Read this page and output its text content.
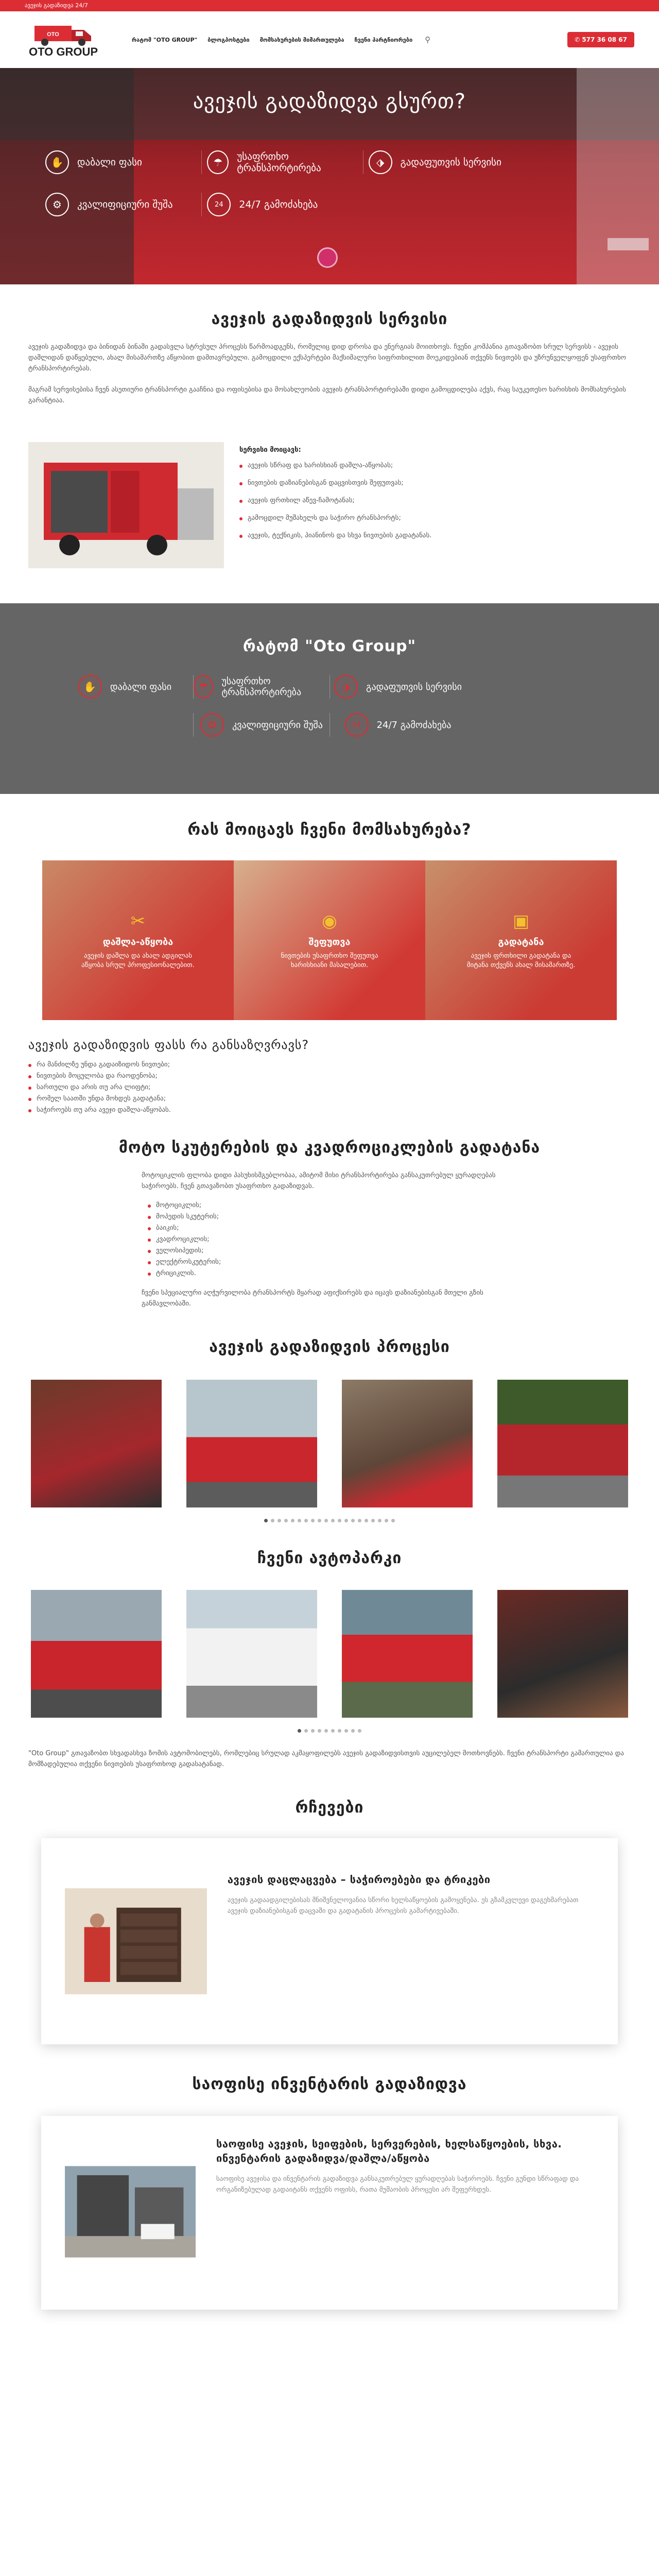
ავეჯის გადაზიდვა 24/7
OTO
OTO GROUP
რატომ "OTO GROUP" ბლოგპოსტები მომსახურების მიმართულება ჩვენი პარტნიორები ⚲	✆ 577 36 08 67
ავეჯის გადაზიდვა გსურთ?
✋	დაბალი ფასი	☂	უსაფრთხო ტრანსპორტირება	⬗	გადაფუთვის სერვისი
⚙	კვალიფიციური შუშა	24	24/7 გამოძახება
ავეჯის გადაზიდვის სერვისი

ავეჯის გადაზიდვა და ბინიდან ბინაში გადასვლა სტრესულ პროცესს წარმოადგენს, რომელიც დიდ დროსა და ენერგიას მოითხოვს. ჩვენი კომპანია გთავაზობთ სრულ სერვისს - ავეჯის დაშლიდან დაწყებული, ახალ მისამართზე აწყობით დამთავრებული. გამოცდილი ექსპერტები მაქსიმალური სიფრთხილით მოეკიდებიან თქვენს ნივთებს და უზრუნველყოფენ უსაფრთხო ტრანსპორტირებას.

მაგრამ სერვისებისა ჩვენ ასეთიური ტრანსპორტი გააჩნია და ოფისებისა და მოსახლეობის ავეჯის ტრანსპორტირებაში დიდი გამოცდილება აქვს, რაც საუკეთესო ხარისხის მომსახურების გარანტიაა.

სერვისი მოიცავს:
ავეჯის სწრაფ და ხარისხიან დაშლა-აწყობას;
ნივთების დაზიანებისგან დაცვისთვის შეფუთვას;
ავეჯის ფრთხილ აწევ-ჩამოტანას;
გამოცდილ მუშახელს და საჭირო ტრანსპორტს;
ავეჯის, ტექნიკის, პიანინოს და სხვა ნივთების გადატანას.
რატომ "Oto Group"
✋	დაბალი ფასი	☂	უსაფრთხო ტრანსპორტირება	⬗	გადაფუთვის სერვისი
⚙	კვალიფიციური შუშა	24	24/7 გამოძახება
რას მოიცავს ჩვენი მომსახურება?
✂
დაშლა-აწყობა
ავეჯის დაშლა და ახალ ადგილას აწყობა სრულ პროფესიონალებით.
◉
შეფუთვა
ნივთების უსაფრთხო შეფუთვა ხარისხიანი მასალებით.
▣
გადატანა
ავეჯის ფრთხილი გადატანა და მიტანა თქვენს ახალ მისამართზე.
ავეჯის გადაზიდვის ფასს რა განსაზღვრავს?
რა მანძილზე უნდა გადაიზიდოს ნივთები;
ნივთების მოცულობა და რაოდენობა;
სართული და არის თუ არა ლიფტი;
რომელ საათში უნდა მოხდეს გადატანა;
საჭიროებს თუ არა ავეჯი დაშლა-აწყობას.
მოტო სკუტერების და კვადროციკლების გადატანა

მოტოციკლის ფლობა დიდი პასუხისმგებლობაა, ამიტომ მისი ტრანსპორტირება განსაკუთრებულ ყურადღებას საჭიროებს. ჩვენ გთავაზობთ უსაფრთხო გადაზიდვას.

მოტოციკლის;
მოპედის სკუტერის;
ბაიკის;
კვადროციკლის;
ველოსიპედის;
ელექტროსკუტერის;
ტრიციკლის.

ჩვენი სპეციალური აღჭურვილობა ტრანსპორტს მყარად აფიქსირებს და იცავს დაზიანებისგან მთელი გზის განმავლობაში.

ავეჯის გადაზიდვის პროცესი
ჩვენი ავტოპარკი

"Oto Group" გთავაზობთ სხვადასხვა ზომის ავტომობილებს, რომლებიც სრულად აკმაყოფილებს ავეჯის გადაზიდვისთვის აუცილებელ მოთხოვნებს. ჩვენი ტრანსპორტი გამართულია და მომზადებულია თქვენი ნივთების უსაფრთხოდ გადასატანად.

რჩევები
ავეჯის დაცლაცვება – საჭიროებები და ტრიკები

ავეჯის გადაადგილებისას მნიშვნელოვანია სწორი ხელსაწყოების გამოყენება. ეს გზამკვლევი დაგეხმარებათ ავეჯის დაზიანებისგან დაცვაში და გადატანის პროცესის გამარტივებაში.

საოფისე ინვენტარის გადაზიდვა
საოფისე ავეჯის, სეიფების, სერვერების, ხელსაწყოების, სხვა. ინვენტარის გადაზიდვა/დაშლა/აწყობა

საოფისე ავეჯისა და ინვენტარის გადაზიდვა განსაკუთრებულ ყურადღებას საჭიროებს. ჩვენი გუნდი სწრაფად და ორგანიზებულად გადაიტანს თქვენს ოფისს, რათა მუშაობის პროცესი არ შეფერხდეს.
